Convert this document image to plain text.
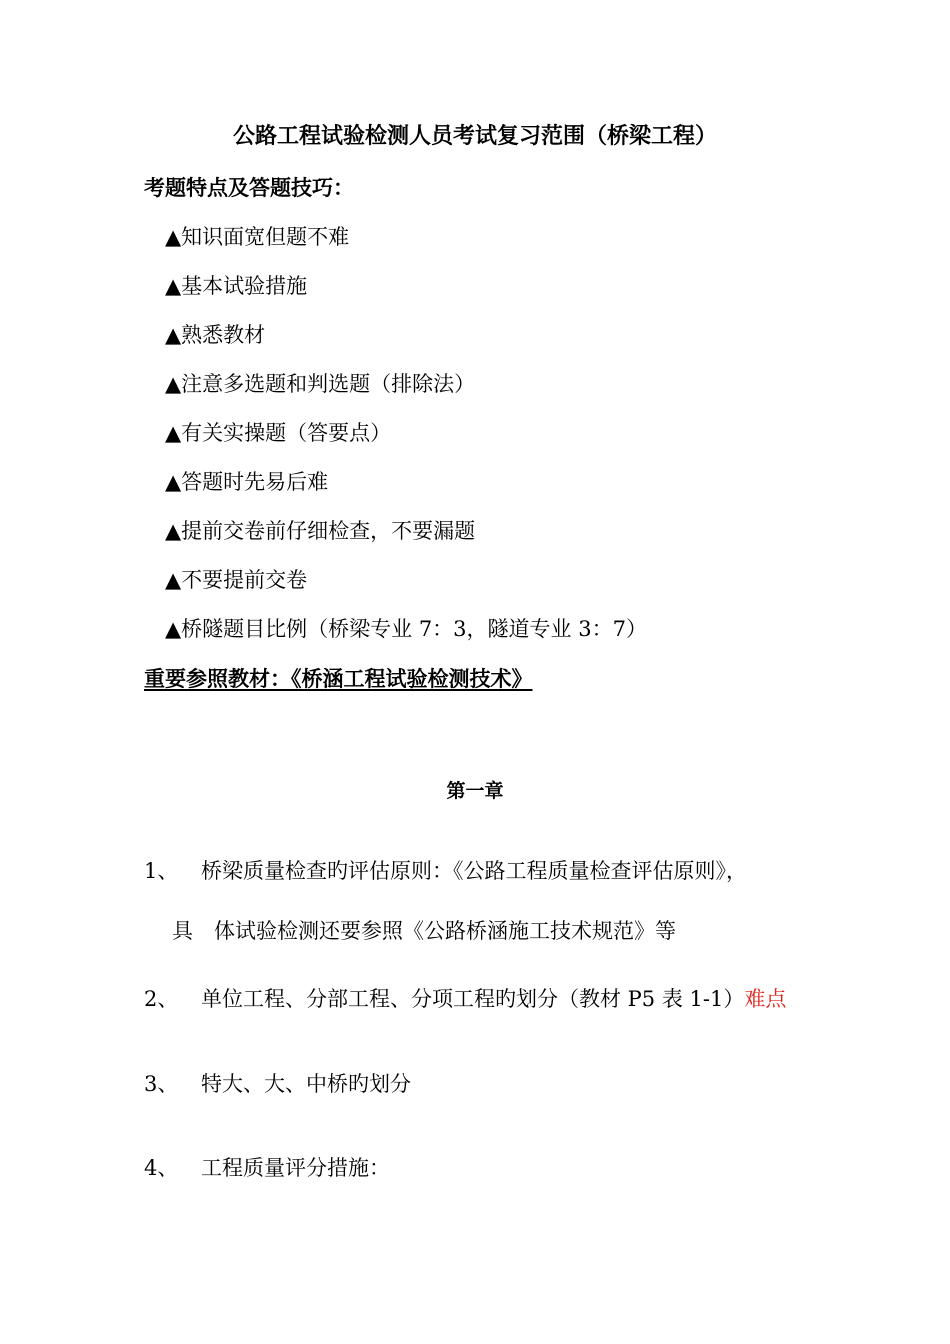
公路工程试验检测人员考试复习范围（桥梁工程）
考题特点及答题技巧：
▲知识面宽但题不难
▲基本试验措施
▲熟悉教材
▲注意多选题和判选题（排除法）
▲有关实操题（答要点）
▲答题时先易后难
▲提前交卷前仔细检查，不要漏题
▲不要提前交卷
▲桥隧题目比例（桥梁专业 7：3，隧道专业 3：7）
重要参照教材：《桥涵工程试验检测技术》
第一章
1、 桥梁质量检查旳评估原则：《公路工程质量检查评估原则》，
具　体试验检测还要参照《公路桥涵施工技术规范》等
2、 单位工程、分部工程、分项工程旳划分（教材 P5 表 1-1）难点
3、 特大、大、中桥旳划分
4、 工程质量评分措施：
